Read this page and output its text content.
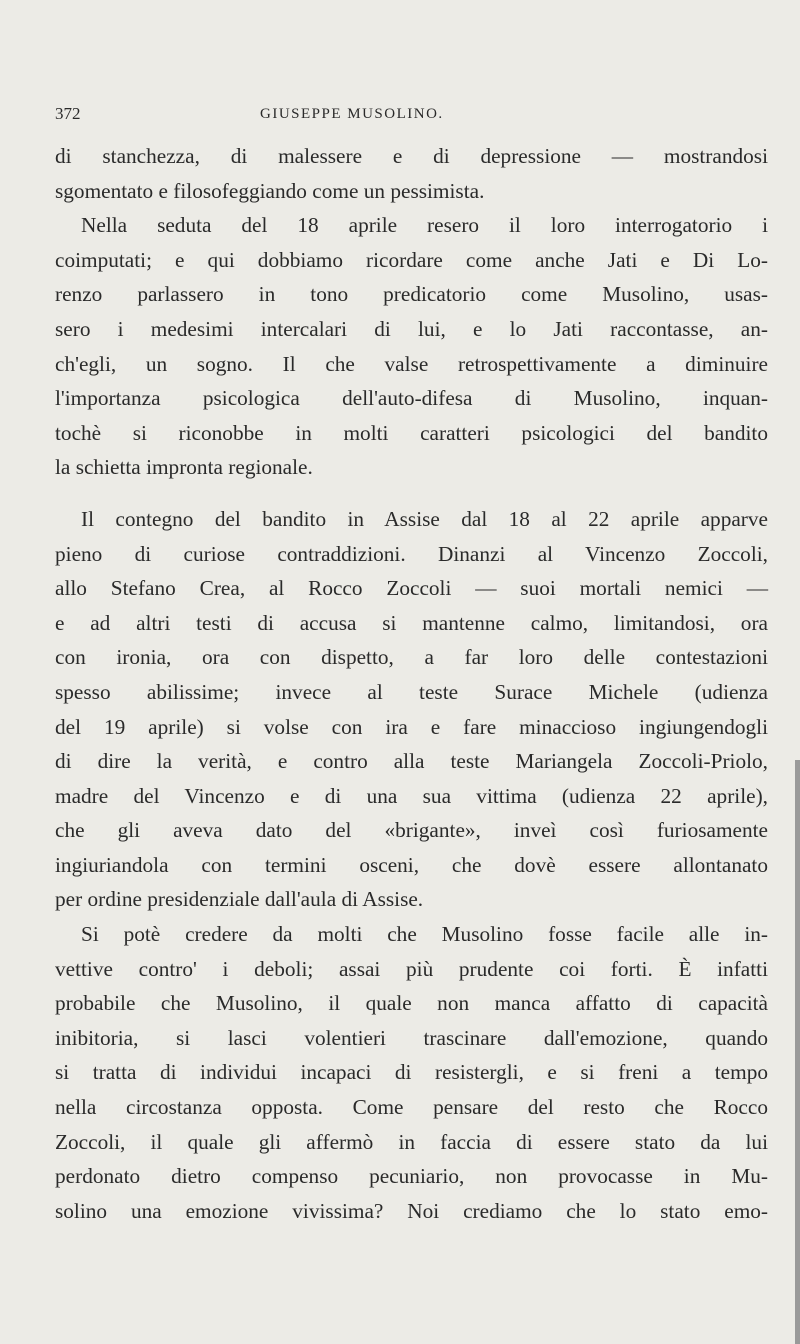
372	GIUSEPPE MUSOLINO.
di stanchezza, di malessere e di depressione — mostrandosi
sgomentato e filosofeggiando come un pessimista.
Nella seduta del 18 aprile resero il loro interrogatorio i
coimputati; e qui dobbiamo ricordare come anche Jati e Di Lo-
renzo parlassero in tono predicatorio come Musolino, usas-
sero i medesimi intercalari di lui, e lo Jati raccontasse, an-
ch'egli, un sogno. Il che valse retrospettivamente a diminuire
l'importanza psicologica dell'auto-difesa di Musolino, inquan-
tochè si riconobbe in molti caratteri psicologici del bandito
la schietta impronta regionale.
Il contegno del bandito in Assise dal 18 al 22 aprile apparve
pieno di curiose contraddizioni. Dinanzi al Vincenzo Zoccoli,
allo Stefano Crea, al Rocco Zoccoli — suoi mortali nemici —
e ad altri testi di accusa si mantenne calmo, limitandosi, ora
con ironia, ora con dispetto, a far loro delle contestazioni
spesso abilissime; invece al teste Surace Michele (udienza
del 19 aprile) si volse con ira e fare minaccioso ingiungendogli
di dire la verità, e contro alla teste Mariangela Zoccoli-Priolo,
madre del Vincenzo e di una sua vittima (udienza 22 aprile),
che gli aveva dato del «brigante», inveì così furiosamente
ingiuriandola con termini osceni, che dovè essere allontanato
per ordine presidenziale dall'aula di Assise.
Si potè credere da molti che Musolino fosse facile alle in-
vettive contro' i deboli; assai più prudente coi forti. È infatti
probabile che Musolino, il quale non manca affatto di capacità
inibitoria, si lasci volentieri trascinare dall'emozione, quando
si tratta di individui incapaci di resistergli, e si freni a tempo
nella circostanza opposta. Come pensare del resto che Rocco
Zoccoli, il quale gli affermò in faccia di essere stato da lui
perdonato dietro compenso pecuniario, non provocasse in Mu-
solino una emozione vivissima? Noi crediamo che lo stato emo-
